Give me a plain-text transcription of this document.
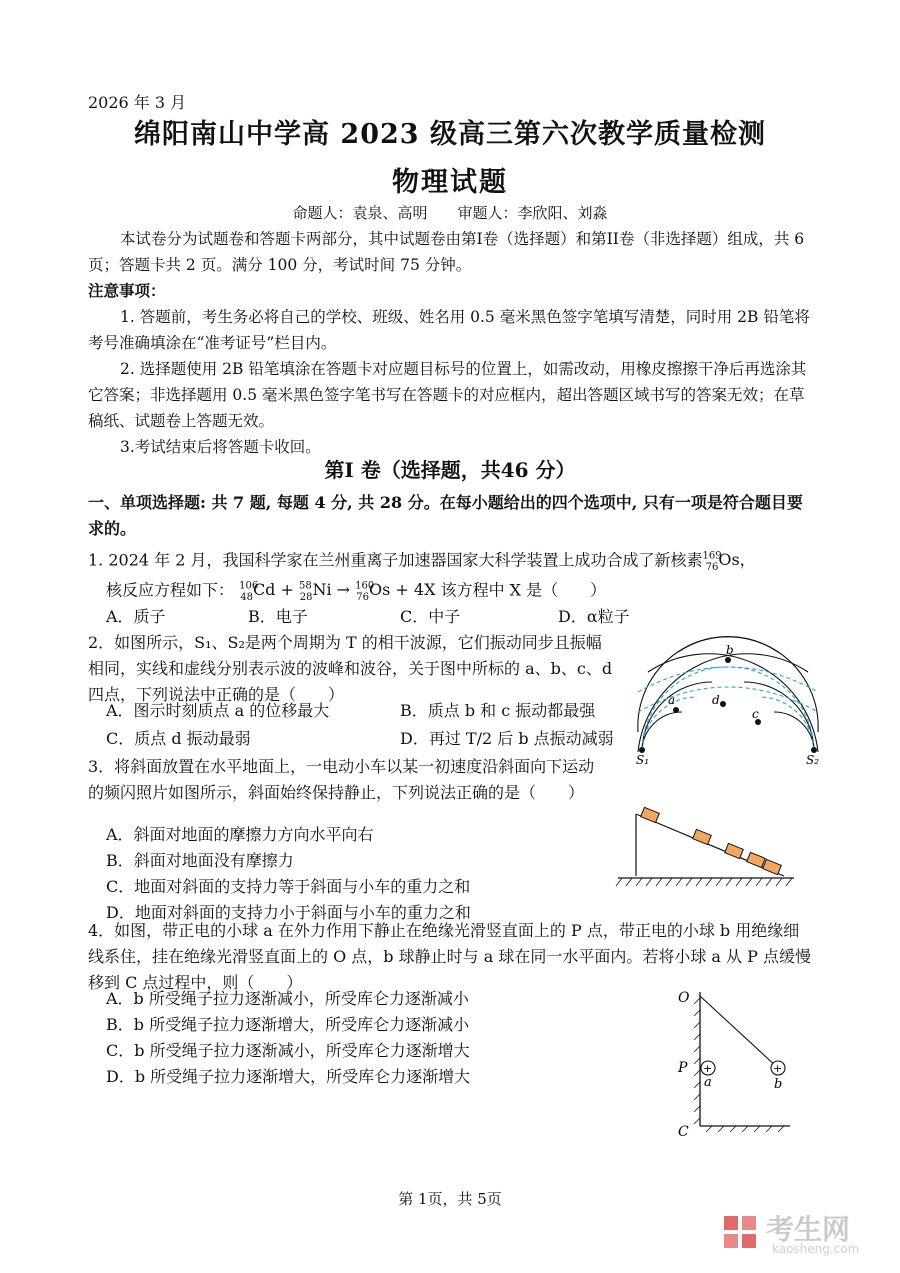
2026 年 3 月
绵阳南山中学高 2023 级高三第六次教学质量检测
物理试题
命题人：袁泉、高明　　审题人：李欣阳、刘淼
本试卷分为试题卷和答题卡两部分，其中试题卷由第I卷（选择题）和第II卷（非选择题）组成，共 6 页；答题卡共 2 页。满分 100 分，考试时间 75 分钟。
注意事项：
1. 答题前，考生务必将自己的学校、班级、姓名用 0.5 毫米黑色签字笔填写清楚，同时用 2B 铅笔将考号准确填涂在“准考证号”栏目内。
2. 选择题使用 2B 铅笔填涂在答题卡对应题目标号的位置上，如需改动，用橡皮擦擦干净后再选涂其它答案；非选择题用 0.5 毫米黑色签字笔书写在答题卡的对应框内，超出答题区域书写的答案无效；在草稿纸、试题卷上答题无效。
3.考试结束后将答题卡收回。
第I 卷（选择题，共46 分）
一、单项选择题: 共 7 题, 每题 4 分, 共 28 分。在每小题给出的四个选项中, 只有一项是符合题目要求的。
1. 2024 年 2 月，我国科学家在兰州重离子加速器国家大科学装置上成功合成了新核素$^{169}_{76}$Os，
核反应方程如下： $^{106}_{48}$Cd + $^{58}_{28}$Ni → $^{160}_{76}$Os + 4X 该方程中 X 是（　　）
A．质子	B．电子	C．中子	D．α粒子
2．如图所示，S₁、S₂是两个周期为 T 的相干波源，它们振动同步且振幅相同，实线和虚线分别表示波的波峰和波谷，关于图中所标的 a、b、c、d 四点，下列说法中正确的是（　　）
A．图示时刻质点 a 的位移最大	B．质点 b 和 c 振动都最强
C．质点 d 振动最弱	D．再过 T/2 后 b 点振动减弱
a
b
d
c
S₁	S₂
3．将斜面放置在水平地面上，一电动小车以某一初速度沿斜面向下运动的频闪照片如图所示，斜面始终保持静止，下列说法正确的是（　　）
A．斜面对地面的摩擦力方向水平向右
B．斜面对地面没有摩擦力
C．地面对斜面的支持力等于斜面与小车的重力之和
D．地面对斜面的支持力小于斜面与小车的重力之和
4．如图，带正电的小球 a 在外力作用下静止在绝缘光滑竖直面上的 P 点，带正电的小球 b 用绝缘细线系住，挂在绝缘光滑竖直面上的 O 点，b 球静止时与 a 球在同一水平面内。若将小球 a 从 P 点缓慢移到 C 点过程中，则（　　）
A．b 所受绳子拉力逐渐减小，所受库仑力逐渐减小
B．b 所受绳子拉力逐渐增大，所受库仑力逐渐减小
C．b 所受绳子拉力逐渐减小，所受库仑力逐渐增大
D．b 所受绳子拉力逐渐增大，所受库仑力逐渐增大	+	+
O
P
C
a	b
第 1页，共 5页
考生网
kaosheng.com
